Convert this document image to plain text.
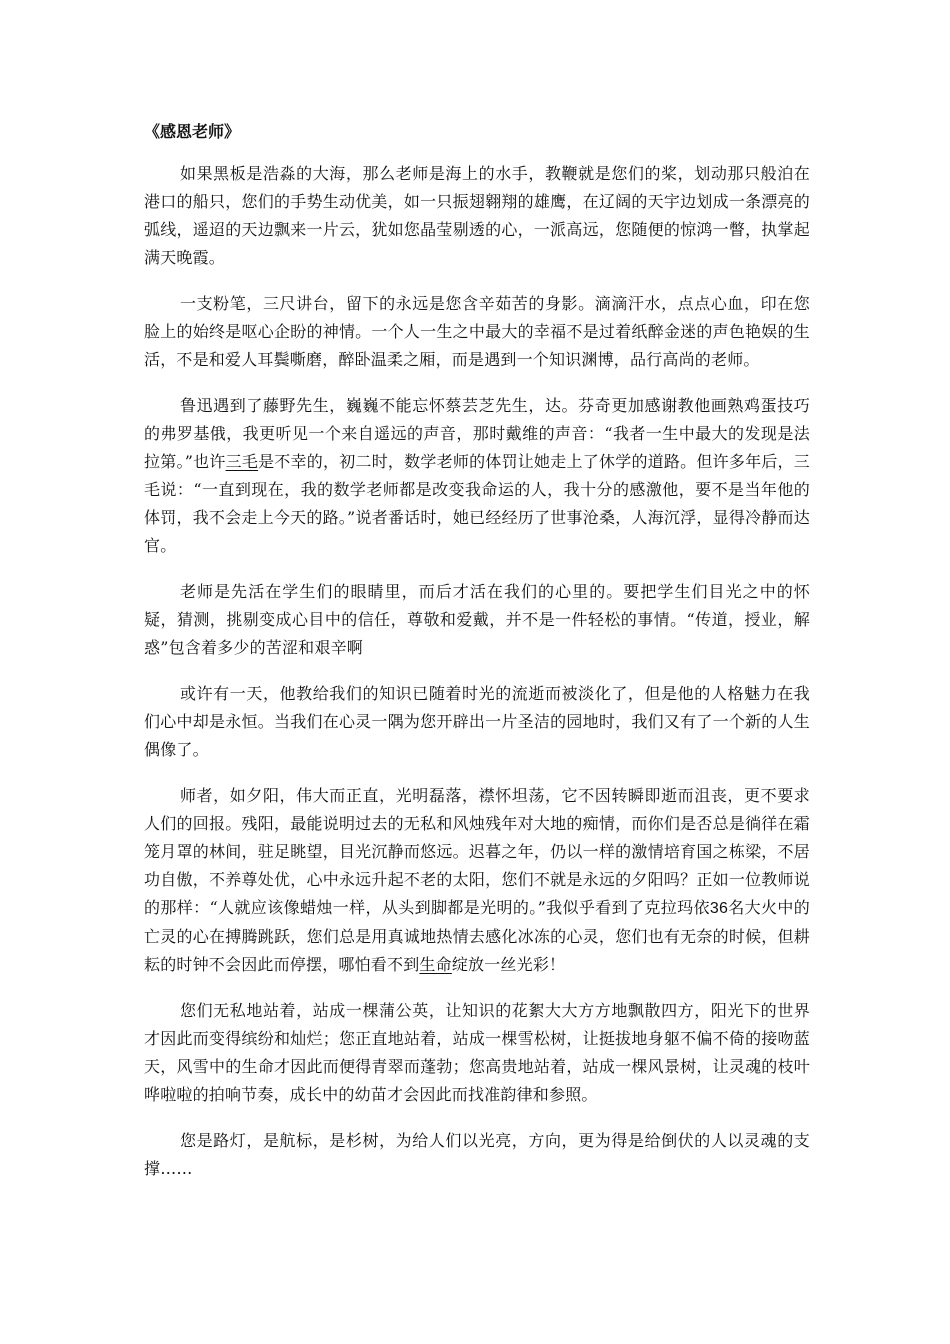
《感恩老师》

如果黑板是浩淼的大海，那么老师是海上的水手，教鞭就是您们的桨，划动那只般泊在港口的船只，您们的手势生动优美，如一只振翅翱翔的雄鹰，在辽阔的天宇边划成一条漂亮的弧线，遥迢的天边飘来一片云，犹如您晶莹剔透的心，一派高远，您随便的惊鸿一瞥，执掌起满天晚霞。

一支粉笔，三尺讲台，留下的永远是您含辛茹苦的身影。滴滴汗水，点点心血，印在您脸上的始终是呕心企盼的神情。一个人一生之中最大的幸福不是过着纸醉金迷的声色艳娱的生活，不是和爱人耳鬓嘶磨，醉卧温柔之厢，而是遇到一个知识渊博，品行高尚的老师。

鲁迅遇到了藤野先生，巍巍不能忘怀蔡芸芝先生，达。芬奇更加感谢教他画熟鸡蛋技巧的弗罗基俄，我更听见一个来自遥远的声音，那时戴维的声音：“我者一生中最大的发现是法拉第。”也许三毛是不幸的，初二时，数学老师的体罚让她走上了休学的道路。但许多年后，三毛说：“一直到现在，我的数学老师都是改变我命运的人，我十分的感激他，要不是当年他的体罚，我不会走上今天的路。”说者番话时，她已经经历了世事沧桑，人海沉浮，显得冷静而达官。

老师是先活在学生们的眼睛里，而后才活在我们的心里的。要把学生们目光之中的怀疑，猜测，挑剔变成心目中的信任，尊敬和爱戴，并不是一件轻松的事情。“传道，授业，解惑”包含着多少的苦涩和艰辛啊

或许有一天，他教给我们的知识已随着时光的流逝而被淡化了，但是他的人格魅力在我们心中却是永恒。当我们在心灵一隅为您开辟出一片圣洁的园地时，我们又有了一个新的人生偶像了。

师者，如夕阳，伟大而正直，光明磊落，襟怀坦荡，它不因转瞬即逝而沮丧，更不要求人们的回报。残阳，最能说明过去的无私和风烛残年对大地的痴情，而你们是否总是徜徉在霜笼月罩的林间，驻足眺望，目光沉静而悠远。迟暮之年，仍以一样的激情培育国之栋梁，不居功自傲，不养尊处优，心中永远升起不老的太阳，您们不就是永远的夕阳吗？正如一位教师说的那样：“人就应该像蜡烛一样，从头到脚都是光明的。”我似乎看到了克拉玛依36名大火中的亡灵的心在搏腾跳跃，您们总是用真诚地热情去感化冰冻的心灵，您们也有无奈的时候，但耕耘的时钟不会因此而停摆，哪怕看不到生命绽放一丝光彩！

您们无私地站着，站成一棵蒲公英，让知识的花絮大大方方地飘散四方，阳光下的世界才因此而变得缤纷和灿烂；您正直地站着，站成一棵雪松树，让挺拔地身躯不偏不倚的接吻蓝天，风雪中的生命才因此而便得青翠而蓬勃；您高贵地站着，站成一棵风景树，让灵魂的枝叶哗啦啦的拍响节奏，成长中的幼苗才会因此而找准韵律和参照。

您是路灯，是航标，是杉树，为给人们以光亮，方向，更为得是给倒伏的人以灵魂的支撑……
